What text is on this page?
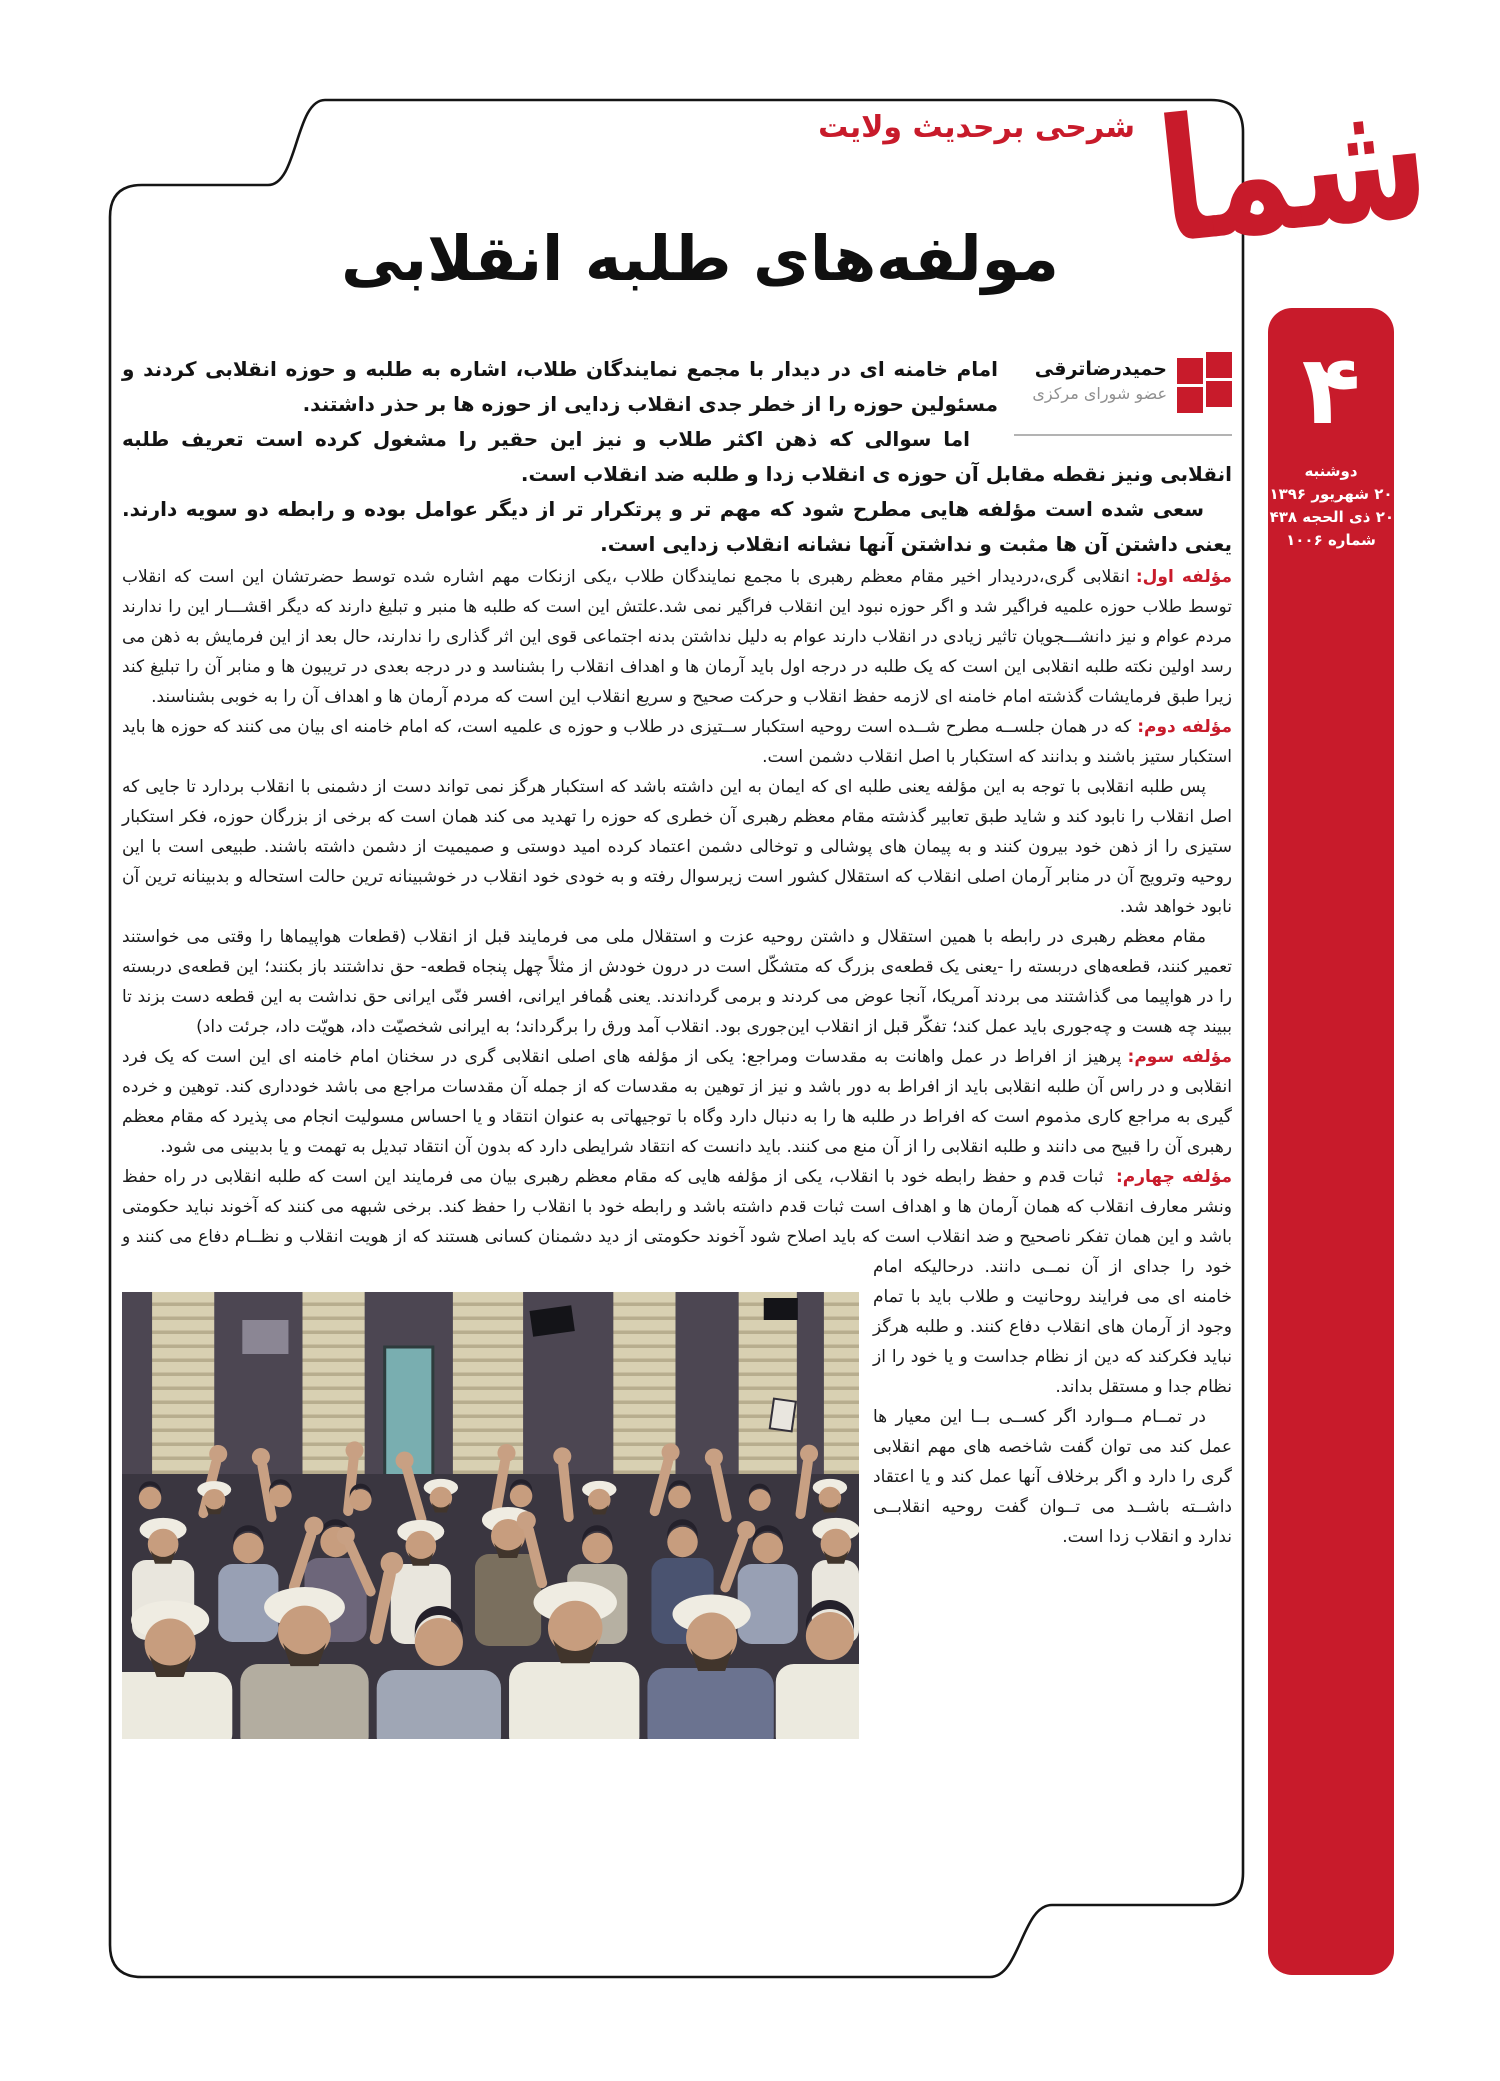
شما
۴
دوشنبه
۲۰ شهریور ۱۳۹۶
۲۰ ذی الحجه ۱۴۳۸
شماره ۱۰۰۶
شرحی برحدیث ولایت
مولفه‌های طلبه انقلابی
حمیدرضاترقی
عضو شورای مرکزی

امام خامنه ای در دیدار با مجمع نمایندگان طلاب، اشاره به طلبه و حوزه انقلابی کردند و مسئولین حوزه را از خطر جدی انقلاب زدایی از حوزه ها بر حذر داشتند.

اما سوالی که ذهن اکثر طلاب و نیز این حقیر را مشغول کرده است تعریف طلبه انقلابی ونیز نقطه مقابل آن حوزه ی انقلاب زدا و طلبه ضد انقلاب است.

سعی شده است مؤلفه هایی مطرح شود که مهم تر و پرتکرار تر از دیگر عوامل بوده و رابطه دو سویه دارند. یعنی داشتن آن ها مثبت و نداشتن آنها نشانه انقلاب زدایی است.

مؤلفه اول:انقلابی گری،دردیدار اخیر مقام معظم رهبری با مجمع نمایندگان طلاب ،یکی ازنکات مهم اشاره شده توسط حضرتشان این است که انقلاب توسط طلاب حوزه علمیه فراگیر شد و اگر حوزه نبود این انقلاب فراگیر نمی شد.علتش این است که طلبه ها منبر و تبلیغ دارند که دیگر اقشـــار این را ندارند مردم عوام و نیز دانشـــجویان تاثیر زیادی در انقلاب دارند عوام به دلیل نداشتن بدنه اجتماعی قوی این اثر گذاری را ندارند، حال بعد از این فرمایش به ذهن می رسد اولین نکته طلبه انقلابی این است که یک طلبه در درجه اول باید آرمان ها و اهداف انقلاب را بشناسد و در درجه بعدی در تریبون ها و منابر آن را تبلیغ کند زیرا طبق فرمایشات گذشته امام خامنه ای لازمه حفظ انقلاب و حرکت صحیح و سریع انقلاب این است که مردم آرمان ها و اهداف آن را به خوبی بشناسند.

مؤلفه دوم:که در همان جلســه مطرح شــده است روحیه استکبار ســتیزی در طلاب و حوزه ی علمیه است، که امام خامنه ای بیان می کنند که حوزه ها باید استکبار ستیز باشند و بدانند که استکبار با اصل انقلاب دشمن است.

پس طلبه انقلابی با توجه به این مؤلفه یعنی طلبه ای که ایمان به این داشته باشد که استکبار هرگز نمی تواند دست از دشمنی با انقلاب بردارد تا جایی که اصل انقلاب را نابود کند و شاید طبق تعابیر گذشته مقام معظم رهبری آن خطری که حوزه را تهدید می کند همان است که برخی از بزرگان حوزه، فکر استکبار ستیزی را از ذهن خود بیرون کنند و به پیمان های پوشالی و توخالی دشمن اعتماد کرده امید دوستی و صمیمیت از دشمن داشته باشند. طبیعی است با این روحیه وترویج آن در منابر آرمان اصلی انقلاب که استقلال کشور است زیرسوال رفته و به خودی خود انقلاب در خوشبینانه ترین حالت استحاله و بدبینانه ترین آن نابود خواهد شد.

مقام معظم رهبری در رابطه با همین استقلال و داشتن روحیه عزت و استقلال ملی می فرمایند قبل از انقلاب (قطعات هواپیماها را وقتی می خواستند تعمیر کنند، قطعه‌های دربسته را -یعنی یک قطعه‌ی بزرگ که متشکّل است در درون خودش از مثلاً چهل پنجاه قطعه- حق نداشتند باز بکنند؛ این قطعه‌ی دربسته را در هواپیما می گذاشتند می بردند آمریکا، آنجا عوض می کردند و برمی گرداندند. یعنی هُمافر ایرانی، افسر فنّی ایرانی حق نداشت به این قطعه دست بزند تا ببیند چه هست و چه‌جوری باید عمل کند؛ تفکّر قبل از انقلاب این‌جوری بود. انقلاب آمد ورق را برگرداند؛ به ایرانی شخصیّت داد، هویّت داد، جرئت داد)

مؤلفه سوم:پرهیز از افراط در عمل واهانت به مقدسات ومراجع: یکی از مؤلفه های اصلی انقلابی گری در سخنان امام خامنه ای این است که یک فرد انقلابی و در راس آن طلبه انقلابی باید از افراط به دور باشد و نیز از توهین به مقدسات که از جمله آن مقدسات مراجع می باشد خودداری کند. توهین و خرده گیری به مراجع کاری مذموم است که افراط در طلبه ها را به دنبال دارد وگاه با توجیهاتی به عنوان انتقاد و یا احساس مسولیت انجام می پذیرد که مقام معظم رهبری آن را قبیح می دانند و طلبه انقلابی را از آن منع می کنند. باید دانست که انتقاد شرایطی دارد که بدون آن انتقاد تبدیل به تهمت و یا بدبینی می شود.

مؤلفه چهارم: ثبات قدم و حفظ رابطه خود با انقلاب، یکی از مؤلفه هایی که مقام معظم رهبری بیان می فرمایند این است که طلبه انقلابی در راه حفظ ونشر معارف انقلاب که همان آرمان ها و اهداف است ثبات قدم داشته باشد و رابطه خود با انقلاب را حفظ کند. برخی شبهه می کنند که آخوند نباید حکومتی باشد و این همان تفکر ناصحیح و ضد انقلاب است که باید اصلاح شود آخوند حکومتی از دید
دشمنان کسانی هستند که از هویت انقلاب و نظــام دفاع می کنند و خود را جدای از آن نمــی دانند. درحالیکه امام خامنه ای می فرایند روحانیت و طلاب باید با تمام وجود از آرمان های انقلاب دفاع کنند. و طلبه هرگز نباید فکرکند که دین از نظام جداست و یا خود را از نظام جدا و مستقل بداند.

در تمــام مــوارد اگر کســی بــا این معیار ها عمل کند می توان گفت شاخصه های مهم انقلابی گری را دارد و اگر برخلاف آنها عمل کند و یا اعتقاد داشــته باشــد می تــوان گفت روحیه انقلابــی ندارد و انقلاب زدا است.
